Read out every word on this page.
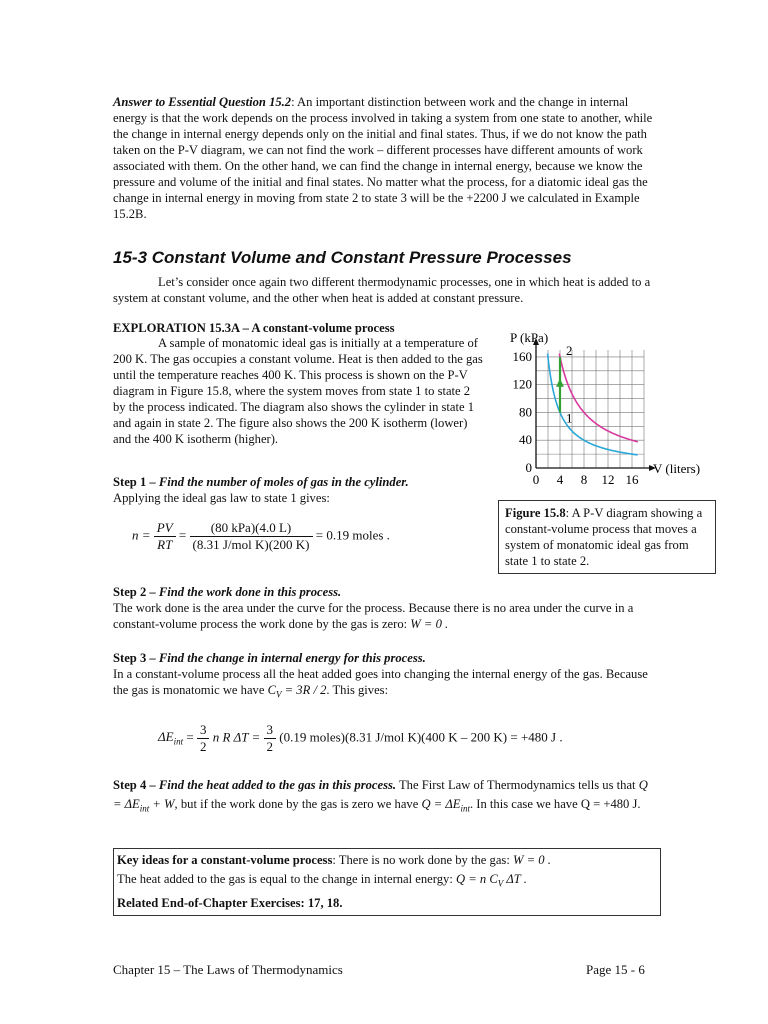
Answer to Essential Question 15.2: An important distinction between work and the change in internal energy is that the work depends on the process involved in taking a system from one state to another, while the change in internal energy depends only on the initial and final states. Thus, if we do not know the path taken on the P-V diagram, we can not find the work – different processes have different amounts of work associated with them. On the other hand, we can find the change in internal energy, because we know the pressure and volume of the initial and final states. No matter what the process, for a diatomic ideal gas the change in internal energy in moving from state 2 to state 3 will be the +2200 J we calculated in Example 15.2B.

15-3 Constant Volume and Constant Pressure Processes

Let’s consider once again two different thermodynamic processes, one in which heat is added to a system at constant volume, and the other when heat is added at constant pressure.

EXPLORATION 15.3A – A constant-volume process

A sample of monatomic ideal gas is initially at a temperature of 200 K. The gas occupies a constant volume. Heat is then added to the gas until the temperature reaches 400 K. This process is shown on the P-V diagram in Figure 15.8, where the system moves from state 1 to state 2 by the process indicated. The diagram also shows the cylinder in state 1 and again in state 2. The figure also shows the 200 K isotherm (lower) and the 400 K isotherm (higher).

0 4 8 12 16
0
40
80
120
160
1
2
P (kPa)
V (liters)
Figure 15.8: A P-V diagram showing a constant-volume process that moves a system of monatomic ideal gas from state 1 to state 2.
Step 1 – Find the number of moles of gas in the cylinder.
Applying the ideal gas law to state 1 gives:
$n = \frac{PV}{RT} = \frac{\text{(80 kPa)(4.0 L)}}{\text{(8.31 J/mol K)(200 K)}} = 0.19$ moles .
Step 2 – Find the work done in this process.

The work done is the area under the curve for the process. Because there is no area under the curve in a constant-volume process the work done by the gas is zero: W = 0 .

Step 3 – Find the change in internal energy for this process.

In a constant-volume process all the heat added goes into changing the internal energy of the gas. Because the gas is monatomic we have $C_V = 3R / 2$. This gives:

$\Delta E_{int} = \frac{3}{2}$ n R $\Delta T = \frac{3}{2} (0.19$ moles)(8.31 J/mol K)(400 K – 200 K) = +480 J .

Step 4 – Find the heat added to the gas in this process. The First Law of Thermodynamics tells us that $Q = \Delta E_{int} + W$, but if the work done by the gas is zero we have $Q = \Delta E_{int}$. In this case we have Q = +480 J.

Key ideas for a constant-volume process: There is no work done by the gas: W = 0 .
The heat added to the gas is equal to the change in internal energy: Q = n $C_V$ ΔT .
Related End-of-Chapter Exercises: 17, 18.
Chapter 15 – The Laws of Thermodynamics	Page 15 - 6
